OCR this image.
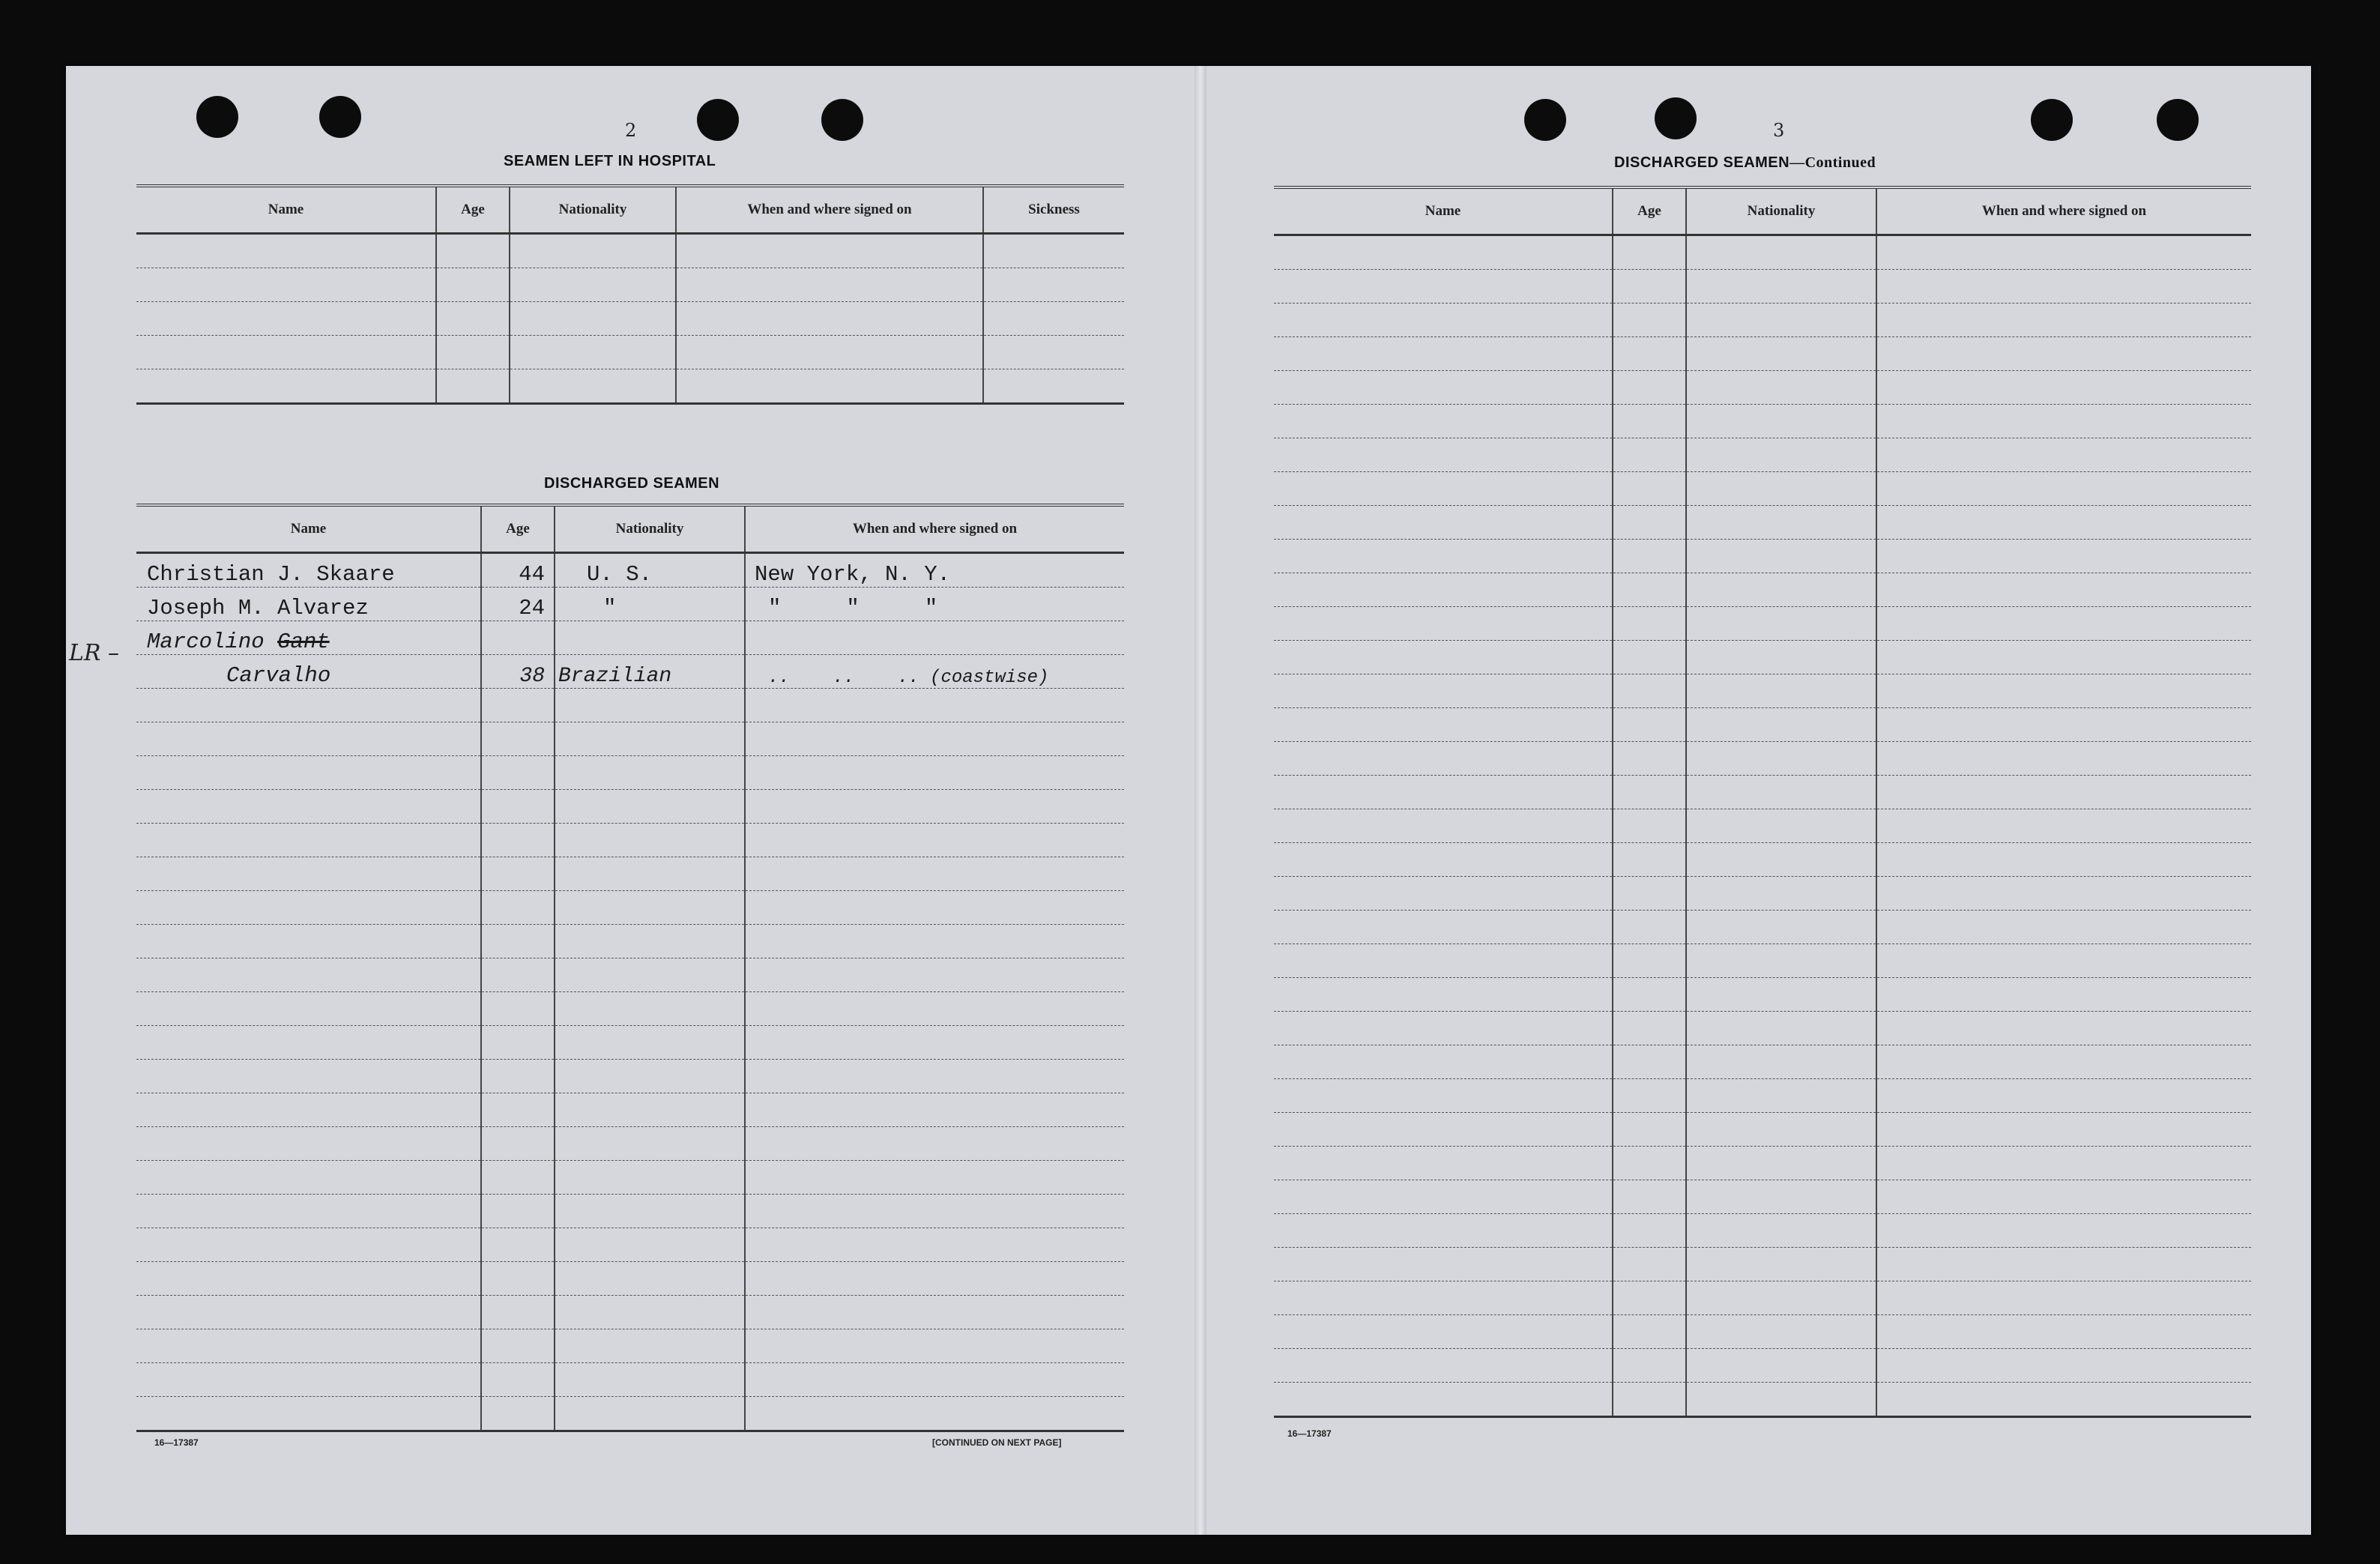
2
SEAMEN LEFT IN HOSPITAL
Name	Age	Nationality	When and where signed on	Sickness

DISCHARGED SEAMEN
LR –
Name	Age	Nationality	When and where signed on
Christian J. Skaare	44	U. S.	New York, N. Y.
Joseph M. Alvarez	24	"	"     "     "
Marcolino Gant			
Carvalho	38	Brazilian	..    ..    .. (coastwise)

16—17387	[CONTINUED ON NEXT PAGE]
3
DISCHARGED SEAMEN—Continued
Name	Age	Nationality	When and where signed on

16—17387
